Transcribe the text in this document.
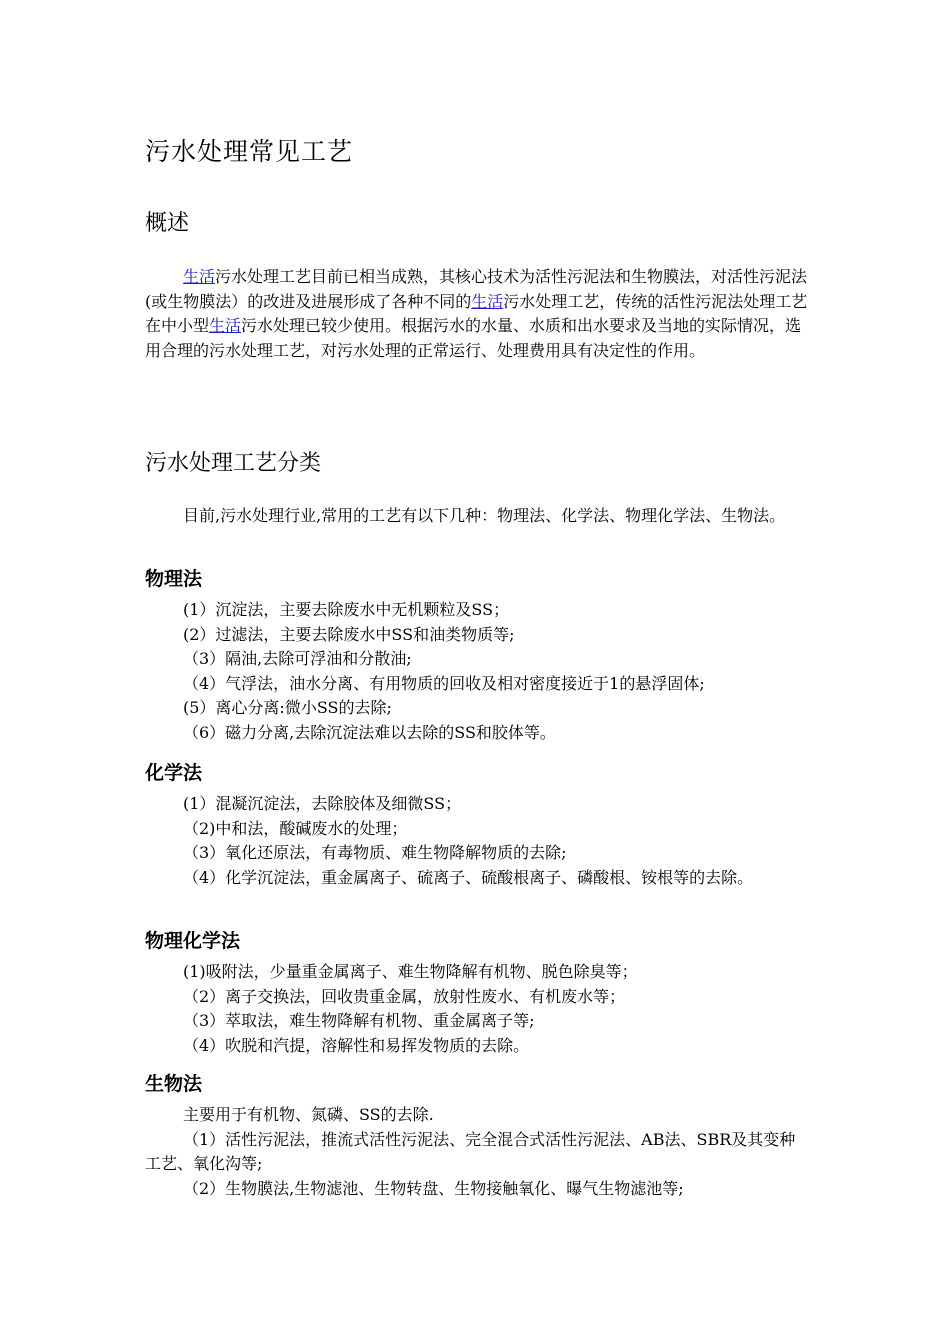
污水处理常见工艺
概述

生活污水处理工艺目前已相当成熟，其核心技术为活性污泥法和生物膜法，对活性污泥法(或生物膜法）的改进及进展形成了各种不同的生活污水处理工艺，传统的活性污泥法处理工艺在中小型生活污水处理已较少使用。根据污水的水量、水质和出水要求及当地的实际情况，选用合理的污水处理工艺，对污水处理的正常运行、处理费用具有决定性的作用。

污水处理工艺分类

目前,污水处理行业,常用的工艺有以下几种：物理法、化学法、物理化学法、生物法。

物理法
(1）沉淀法，主要去除废水中无机颗粒及SS；
(2）过滤法，主要去除废水中SS和油类物质等;
（3）隔油,去除可浮油和分散油;
（4）气浮法，油水分离、有用物质的回收及相对密度接近于1的悬浮固体;
(5）离心分离:微小SS的去除;
（6）磁力分离,去除沉淀法难以去除的SS和胶体等。
化学法
(1）混凝沉淀法，去除胶体及细微SS；
（2)中和法，酸碱废水的处理；
（3）氧化还原法，有毒物质、难生物降解物质的去除;
（4）化学沉淀法，重金属离子、硫离子、硫酸根离子、磷酸根、铵根等的去除。
物理化学法
(1)吸附法，少量重金属离子、难生物降解有机物、脱色除臭等；
（2）离子交换法，回收贵重金属，放射性废水、有机废水等；
（3）萃取法，难生物降解有机物、重金属离子等;
（4）吹脱和汽提，溶解性和易挥发物质的去除。
生物法
主要用于有机物、氮磷、SS的去除.
（1）活性污泥法，推流式活性污泥法、完全混合式活性污泥法、AB法、SBR及其变种工艺、氧化沟等;
（2）生物膜法,生物滤池、生物转盘、生物接触氧化、曝气生物滤池等;
